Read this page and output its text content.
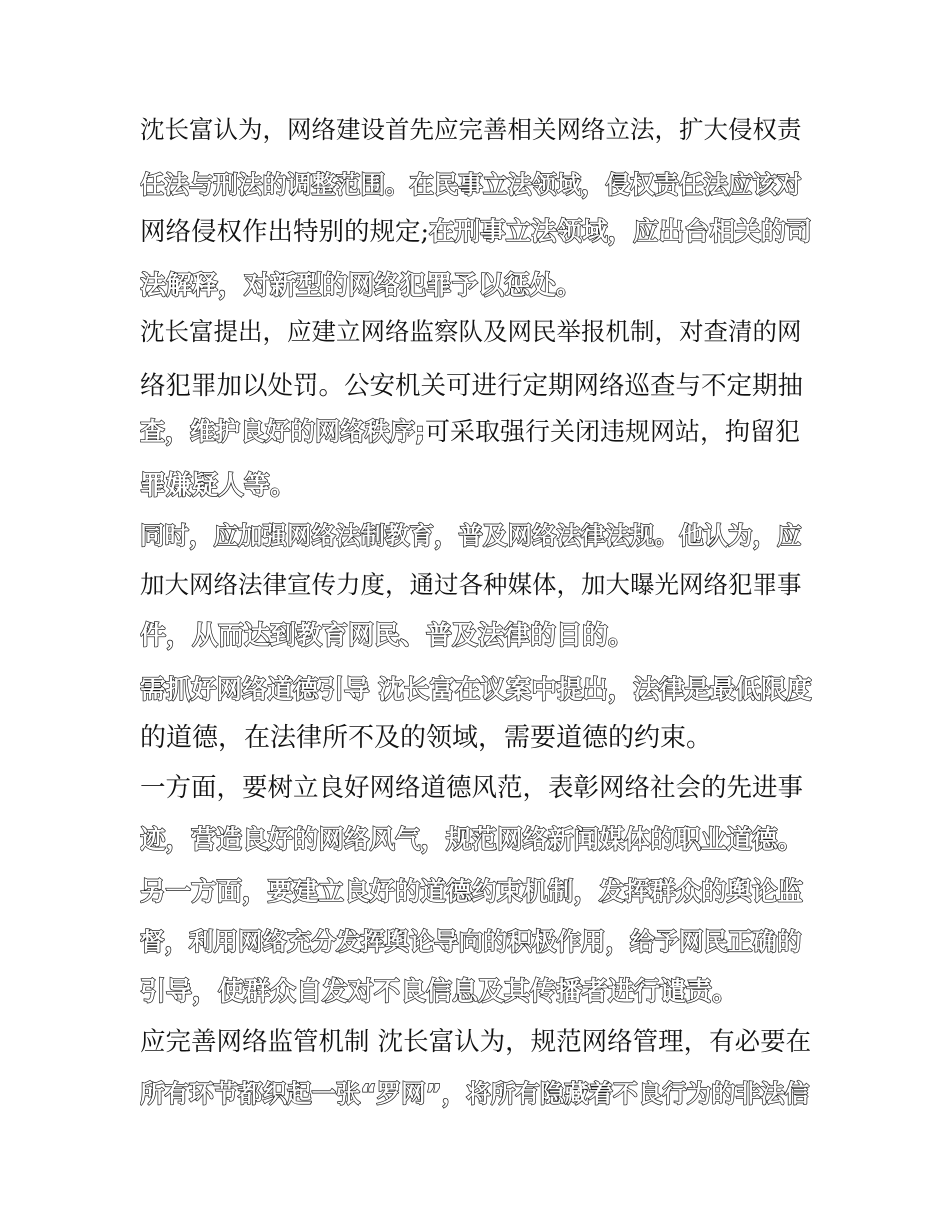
沈长富认为，网络建设首先应完善相关网络立法，扩大侵权责
任法与刑法的调整范围。在民事立法领域，侵权责任法应该对
网络侵权作出特别的规定;在刑事立法领域，应出台相关的司
法解释，对新型的网络犯罪予以惩处。
沈长富提出，应建立网络监察队及网民举报机制，对查清的网
络犯罪加以处罚。公安机关可进行定期网络巡查与不定期抽
查，维护良好的网络秩序;可采取强行关闭违规网站，拘留犯
罪嫌疑人等。
同时，应加强网络法制教育，普及网络法律法规。他认为，应
加大网络法律宣传力度，通过各种媒体，加大曝光网络犯罪事
件，从而达到教育网民、普及法律的目的。
需抓好网络道德引导 沈长富在议案中提出，法律是最低限度
的道德，在法律所不及的领域，需要道德的约束。
一方面，要树立良好网络道德风范，表彰网络社会的先进事
迹，营造良好的网络风气，规范网络新闻媒体的职业道德。
另一方面，要建立良好的道德约束机制，发挥群众的舆论监
督，利用网络充分发挥舆论导向的积极作用，给予网民正确的
引导，使群众自发对不良信息及其传播者进行谴责。
应完善网络监管机制 沈长富认为，规范网络管理，有必要在
所有环节都织起一张“罗网”，将所有隐藏着不良行为的非法信
